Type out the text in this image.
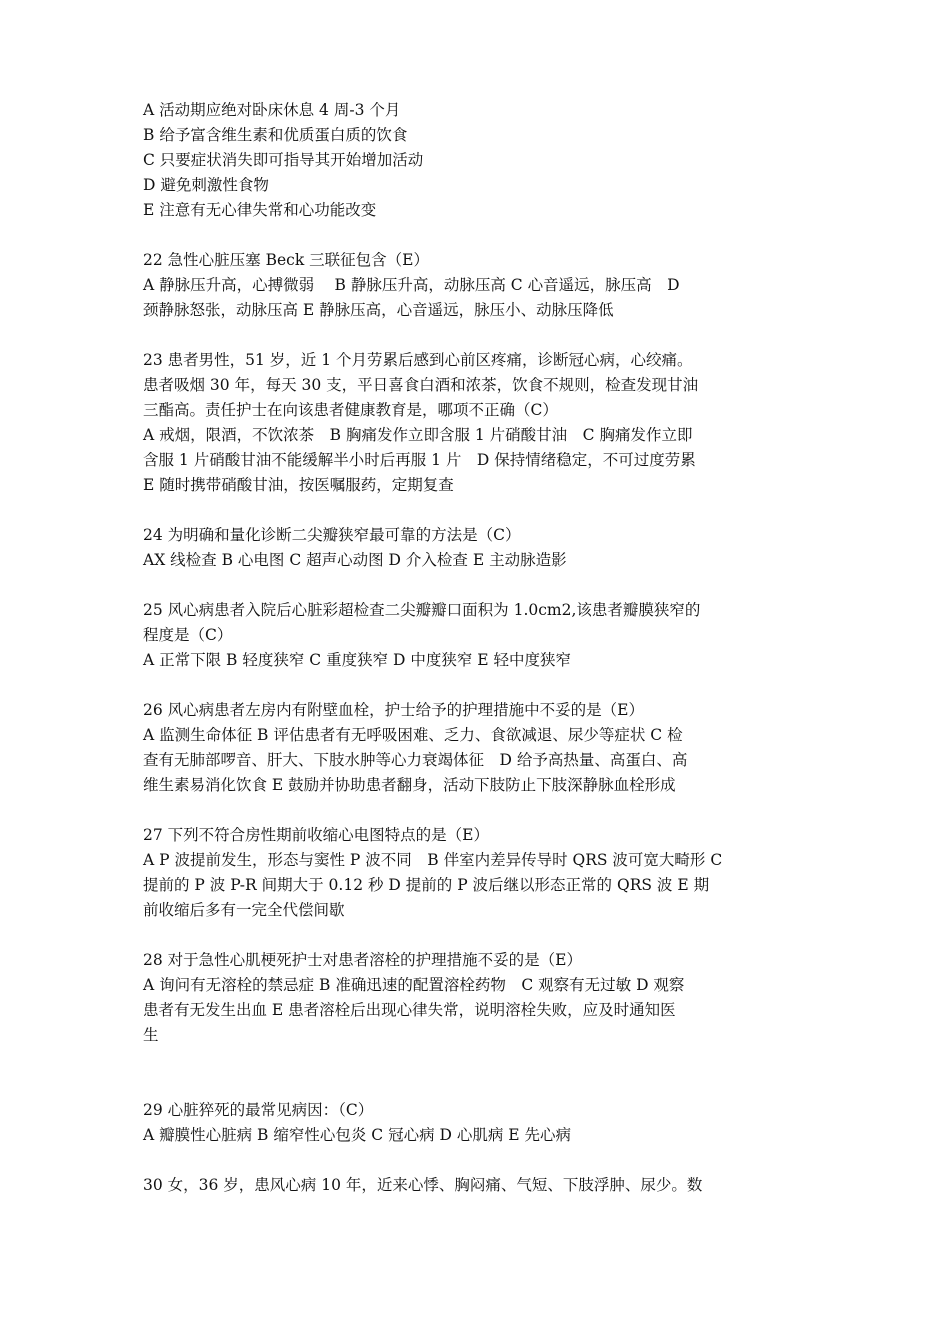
A 活动期应绝对卧床休息 4 周-3 个月
B 给予富含维生素和优质蛋白质的饮食
C 只要症状消失即可指导其开始增加活动
D 避免刺激性食物
E 注意有无心律失常和心功能改变
22 急性心脏压塞 Beck 三联征包含（E）
A 静脉压升高，心搏微弱　 B 静脉压升高，动脉压高 C 心音遥远，脉压高　D
颈静脉怒张，动脉压高 E 静脉压高，心音遥远，脉压小、动脉压降低
23 患者男性，51 岁，近 1 个月劳累后感到心前区疼痛，诊断冠心病，心绞痛。
患者吸烟 30 年，每天 30 支，平日喜食白酒和浓茶，饮食不规则，检查发现甘油
三酯高。责任护士在向该患者健康教育是，哪项不正确（C）
A 戒烟，限酒，不饮浓茶　B 胸痛发作立即含服 1 片硝酸甘油　C 胸痛发作立即
含服 1 片硝酸甘油不能缓解半小时后再服 1 片　D 保持情绪稳定，不可过度劳累
E 随时携带硝酸甘油，按医嘱服药，定期复查
24 为明确和量化诊断二尖瓣狭窄最可靠的方法是（C）
AX 线检查 B 心电图 C 超声心动图 D 介入检查 E 主动脉造影
25 风心病患者入院后心脏彩超检查二尖瓣瓣口面积为 1.0cm2,该患者瓣膜狭窄的
程度是（C）
A 正常下限 B 轻度狭窄 C 重度狭窄 D 中度狭窄 E 轻中度狭窄
26 风心病患者左房内有附壁血栓，护士给予的护理措施中不妥的是（E）
A 监测生命体征 B 评估患者有无呼吸困难、乏力、食欲减退、尿少等症状 C 检
查有无肺部啰音、肝大、下肢水肿等心力衰竭体征　D 给予高热量、高蛋白、高
维生素易消化饮食 E 鼓励并协助患者翻身，活动下肢防止下肢深静脉血栓形成
27 下列不符合房性期前收缩心电图特点的是（E）
A P 波提前发生，形态与窦性 P 波不同　B 伴室内差异传导时 QRS 波可宽大畸形 C
提前的 P 波 P-R 间期大于 0.12 秒 D 提前的 P 波后继以形态正常的 QRS 波 E 期
前收缩后多有一完全代偿间歇
28 对于急性心肌梗死护士对患者溶栓的护理措施不妥的是（E）
A 询问有无溶栓的禁忌症 B 准确迅速的配置溶栓药物　C 观察有无过敏 D 观察
患者有无发生出血 E 患者溶栓后出现心律失常，说明溶栓失败，应及时通知医
生
29 心脏猝死的最常见病因：（C）
A 瓣膜性心脏病 B 缩窄性心包炎 C 冠心病 D 心肌病 E 先心病
30 女，36 岁，患风心病 10 年，近来心悸、胸闷痛、气短、下肢浮肿、尿少。数
